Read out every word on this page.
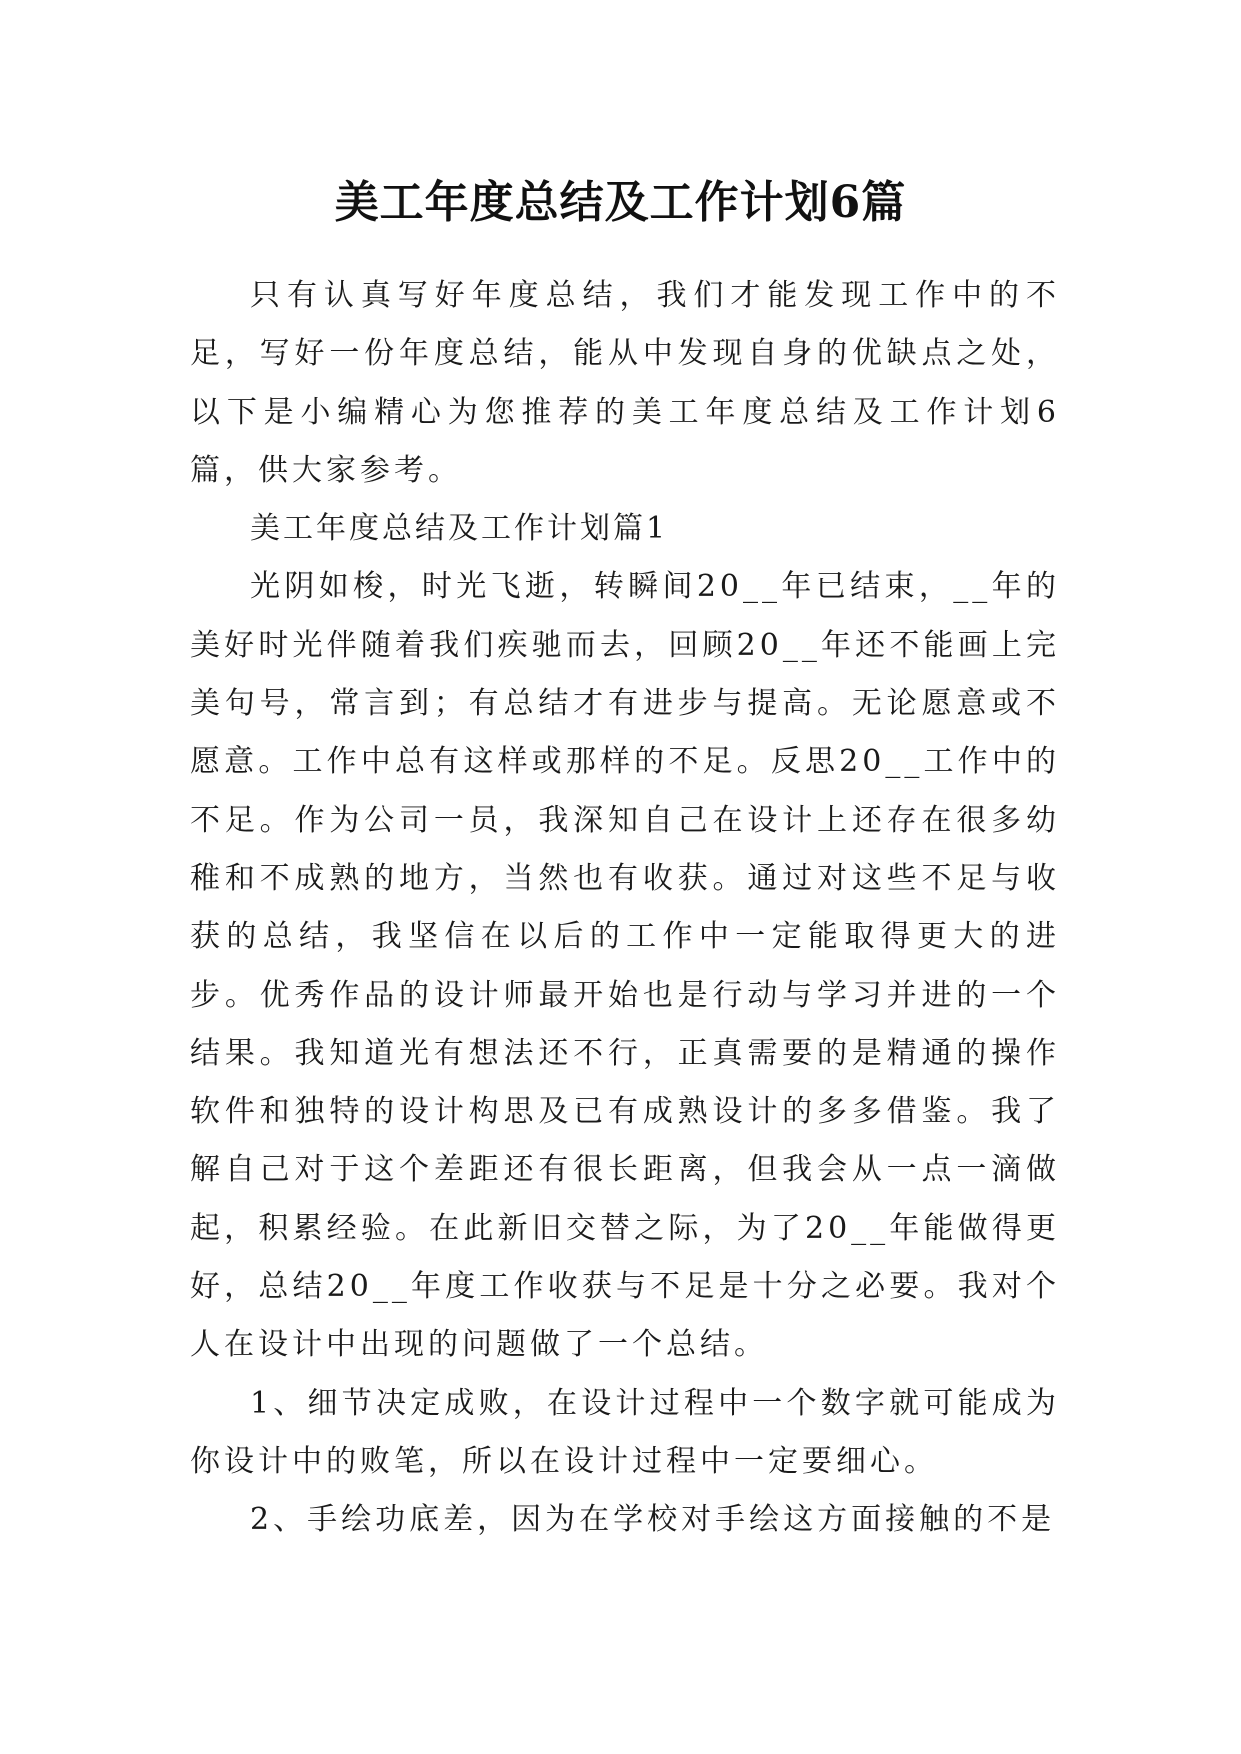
美工年度总结及工作计划6篇

只有认真写好年度总结，我们才能发现工作中的不足，写好一份年度总结，能从中发现自身的优缺点之处，以下是小编精心为您推荐的美工年度总结及工作计划6篇，供大家参考。

美工年度总结及工作计划篇1

光阴如梭，时光飞逝，转瞬间20__年已结束，__年的美好时光伴随着我们疾驰而去，回顾20__年还不能画上完美句号，常言到；有总结才有进步与提高。无论愿意或不愿意。工作中总有这样或那样的不足。反思20__工作中的不足。作为公司一员，我深知自己在设计上还存在很多幼稚和不成熟的地方，当然也有收获。通过对这些不足与收获的总结，我坚信在以后的工作中一定能取得更大的进步。优秀作品的设计师最开始也是行动与学习并进的一个结果。我知道光有想法还不行，正真需要的是精通的操作软件和独特的设计构思及已有成熟设计的多多借鉴。我了解自己对于这个差距还有很长距离，但我会从一点一滴做起，积累经验。在此新旧交替之际，为了20__年能做得更好，总结20__年度工作收获与不足是十分之必要。我对个人在设计中出现的问题做了一个总结。

1、细节决定成败，在设计过程中一个数字就可能成为你设计中的败笔，所以在设计过程中一定要细心。

2、手绘功底差，因为在学校对手绘这方面接触的不是
